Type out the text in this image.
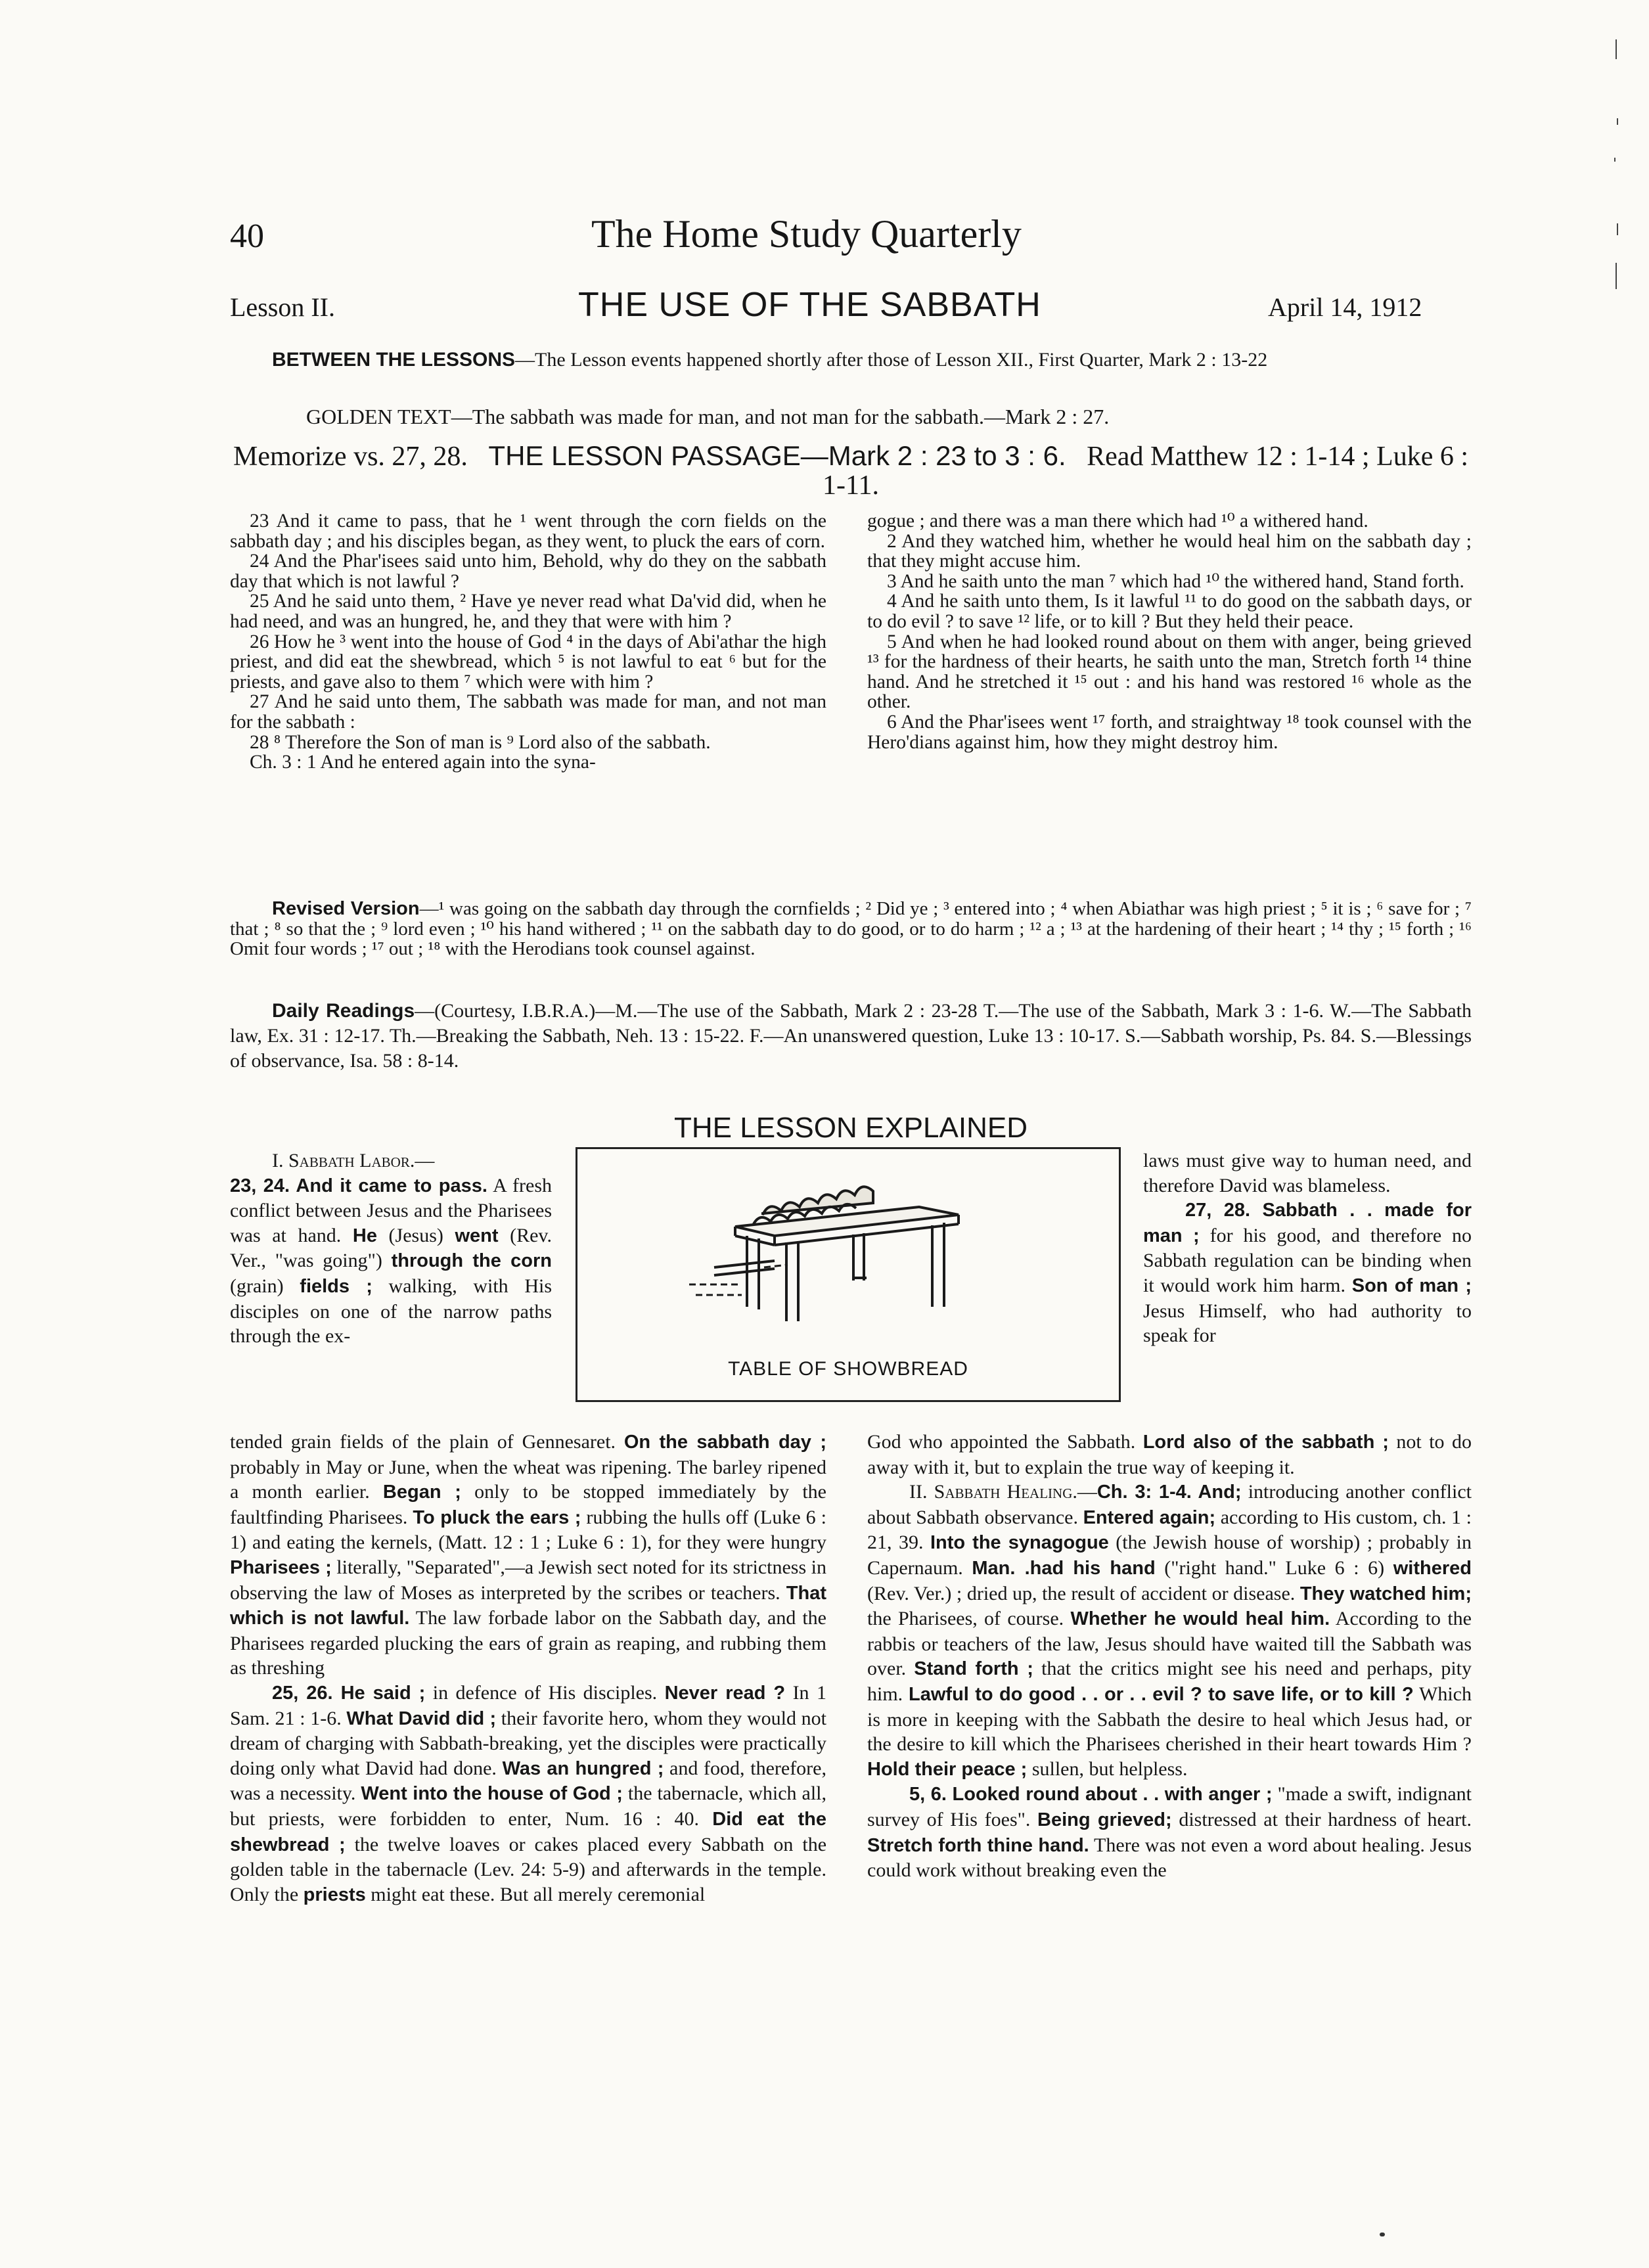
40	The Home Study Quarterly
Lesson II.	THE USE OF THE SABBATH	April 14, 1912
BETWEEN THE LESSONS—The Lesson events happened shortly after those of Lesson XII., First Quarter, Mark 2 : 13-22
GOLDEN TEXT—The sabbath was made for man, and not man for the sabbath.—Mark 2 : 27.
Memorize vs. 27, 28. THE LESSON PASSAGE—Mark 2 : 23 to 3 : 6. Read Matthew 12 : 1-14 ; Luke 6 : 1-11.

23 And it came to pass, that he ¹ went through the corn fields on the sabbath day ; and his disciples began, as they went, to pluck the ears of corn.

24 And the Phar'isees said unto him, Behold, why do they on the sabbath day that which is not lawful ?

25 And he said unto them, ² Have ye never read what Da'vid did, when he had need, and was an hungred, he, and they that were with him ?

26 How he ³ went into the house of God ⁴ in the days of Abi'athar the high priest, and did eat the shewbread, which ⁵ is not lawful to eat ⁶ but for the priests, and gave also to them ⁷ which were with him ?

27 And he said unto them, The sabbath was made for man, and not man for the sabbath :

28 ⁸ Therefore the Son of man is ⁹ Lord also of the sabbath.

Ch. 3 : 1 And he entered again into the syna-

gogue ; and there was a man there which had ¹⁰ a withered hand.

2 And they watched him, whether he would heal him on the sabbath day ; that they might accuse him.

3 And he saith unto the man ⁷ which had ¹⁰ the withered hand, Stand forth.

4 And he saith unto them, Is it lawful ¹¹ to do good on the sabbath days, or to do evil ? to save ¹² life, or to kill ? But they held their peace.

5 And when he had looked round about on them with anger, being grieved ¹³ for the hardness of their hearts, he saith unto the man, Stretch forth ¹⁴ thine hand. And he stretched it ¹⁵ out : and his hand was restored ¹⁶ whole as the other.

6 And the Phar'isees went ¹⁷ forth, and straightway ¹⁸ took counsel with the Hero'dians against him, how they might destroy him.

Revised Version—¹ was going on the sabbath day through the cornfields ; ² Did ye ; ³ entered into ; ⁴ when Abiathar was high priest ; ⁵ it is ; ⁶ save for ; ⁷ that ; ⁸ so that the ; ⁹ lord even ; ¹⁰ his hand withered ; ¹¹ on the sabbath day to do good, or to do harm ; ¹² a ; ¹³ at the hardening of their heart ; ¹⁴ thy ; ¹⁵ forth ; ¹⁶ Omit four words ; ¹⁷ out ; ¹⁸ with the Herodians took counsel against.
Daily Readings—(Courtesy, I.B.R.A.)—M.—The use of the Sabbath, Mark 2 : 23-28 T.—The use of the Sabbath, Mark 3 : 1-6. W.—The Sabbath law, Ex. 31 : 12-17. Th.—Breaking the Sabbath, Neh. 13 : 15-22. F.—An unanswered question, Luke 13 : 10-17. S.—Sabbath worship, Ps. 84. S.—Blessings of observance, Isa. 58 : 8-14.
THE LESSON EXPLAINED
TABLE OF SHOWBREAD

I. Sabbath Labor.—

23, 24. And it came to pass. A fresh conflict between Jesus and the Pharisees was at hand. He (Jesus) went (Rev. Ver., "was going") through the corn (grain) fields ; walking, with His disciples on one of the narrow paths through the ex-

tended grain fields of the plain of Gennesaret. On the sabbath day ; probably in May or June, when the wheat was ripening. The barley ripened a month earlier. Began ; only to be stopped immediately by the faultfinding Pharisees. To pluck the ears ; rubbing the hulls off (Luke 6 : 1) and eating the kernels, (Matt. 12 : 1 ; Luke 6 : 1), for they were hungry Pharisees ; literally, "Separated",—a Jewish sect noted for its strictness in observing the law of Moses as interpreted by the scribes or teachers. That which is not lawful. The law forbade labor on the Sabbath day, and the Pharisees regarded plucking the ears of grain as reaping, and rubbing them as threshing

25, 26. He said ; in defence of His disciples. Never read ? In 1 Sam. 21 : 1-6. What David did ; their favorite hero, whom they would not dream of charging with Sabbath-breaking, yet the disciples were practically doing only what David had done. Was an hungred ; and food, therefore, was a necessity. Went into the house of God ; the tabernacle, which all, but priests, were forbidden to enter, Num. 16 : 40. Did eat the shewbread ; the twelve loaves or cakes placed every Sabbath on the golden table in the tabernacle (Lev. 24: 5-9) and afterwards in the temple. Only the priests might eat these. But all merely ceremonial

laws must give way to human need, and therefore David was blameless.

27, 28. Sabbath . . made for man ; for his good, and therefore no Sabbath regulation can be binding when it would work him harm. Son of man ; Jesus Himself, who had authority to speak for

God who appointed the Sabbath. Lord also of the sabbath ; not to do away with it, but to explain the true way of keeping it.

II. Sabbath Healing.—Ch. 3: 1-4. And; introducing another conflict about Sabbath observance. Entered again; according to His custom, ch. 1 : 21, 39. Into the synagogue (the Jewish house of worship) ; probably in Capernaum. Man. .had his hand ("right hand." Luke 6 : 6) withered (Rev. Ver.) ; dried up, the result of accident or disease. They watched him; the Pharisees, of course. Whether he would heal him. According to the rabbis or teachers of the law, Jesus should have waited till the Sabbath was over. Stand forth ; that the critics might see his need and perhaps, pity him. Lawful to do good . . or . . evil ? to save life, or to kill ? Which is more in keeping with the Sabbath the desire to heal which Jesus had, or the desire to kill which the Pharisees cherished in their heart towards Him ? Hold their peace ; sullen, but helpless.

5, 6. Looked round about . . with anger ; "made a swift, indignant survey of His foes". Being grieved; distressed at their hardness of heart. Stretch forth thine hand. There was not even a word about healing. Jesus could work without breaking even the
